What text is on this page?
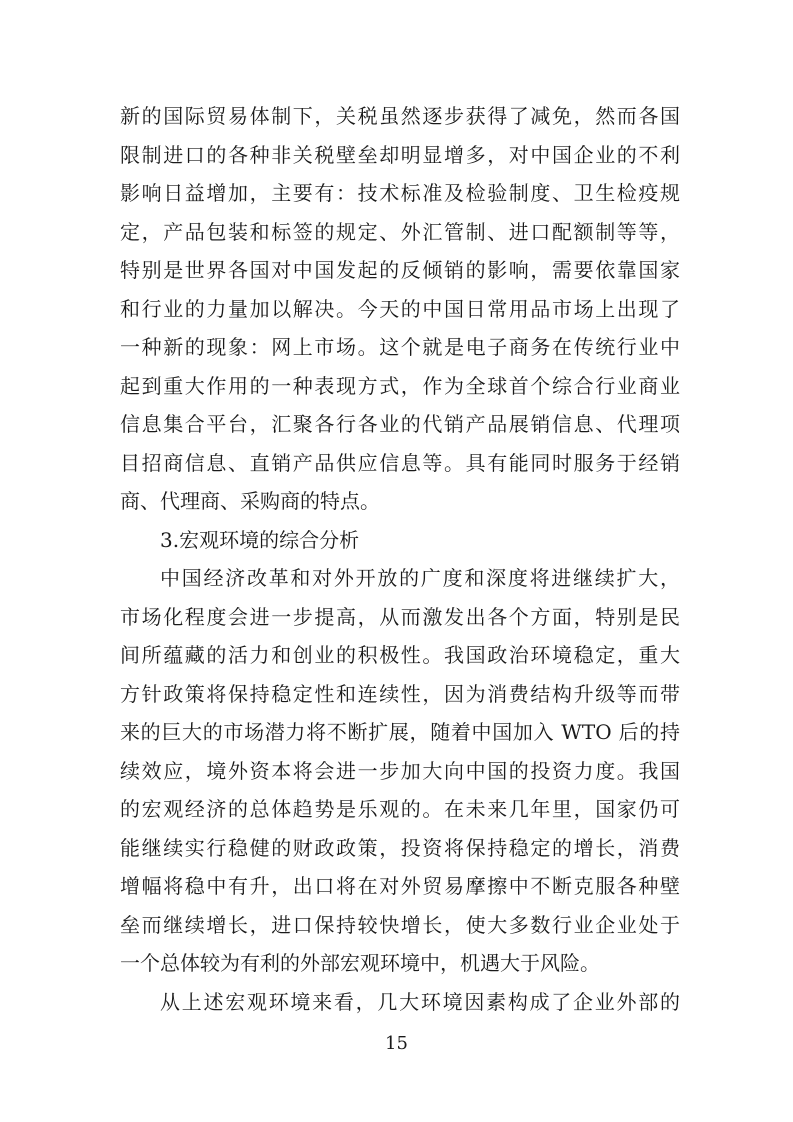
新的国际贸易体制下，关税虽然逐步获得了减免，然而各国
限制进口的各种非关税壁垒却明显增多，对中国企业的不利
影响日益增加，主要有：技术标准及检验制度、卫生检疫规
定，产品包装和标签的规定、外汇管制、进口配额制等等，
特别是世界各国对中国发起的反倾销的影响，需要依靠国家
和行业的力量加以解决。今天的中国日常用品市场上出现了
一种新的现象：网上市场。这个就是电子商务在传统行业中
起到重大作用的一种表现方式，作为全球首个综合行业商业
信息集合平台，汇聚各行各业的代销产品展销信息、代理项
目招商信息、直销产品供应信息等。具有能同时服务于经销
商、代理商、采购商的特点。
3.宏观环境的综合分析
中国经济改革和对外开放的广度和深度将进继续扩大，
市场化程度会进一步提高，从而激发出各个方面，特别是民
间所蕴藏的活力和创业的积极性。我国政治环境稳定，重大
方针政策将保持稳定性和连续性，因为消费结构升级等而带
来的巨大的市场潜力将不断扩展，随着中国加入 WTO 后的持
续效应，境外资本将会进一步加大向中国的投资力度。我国
的宏观经济的总体趋势是乐观的。在未来几年里，国家仍可
能继续实行稳健的财政政策，投资将保持稳定的增长，消费
增幅将稳中有升，出口将在对外贸易摩擦中不断克服各种壁
垒而继续增长，进口保持较快增长，使大多数行业企业处于
一个总体较为有利的外部宏观环境中，机遇大于风险。
从上述宏观环境来看，几大环境因素构成了企业外部的
15
